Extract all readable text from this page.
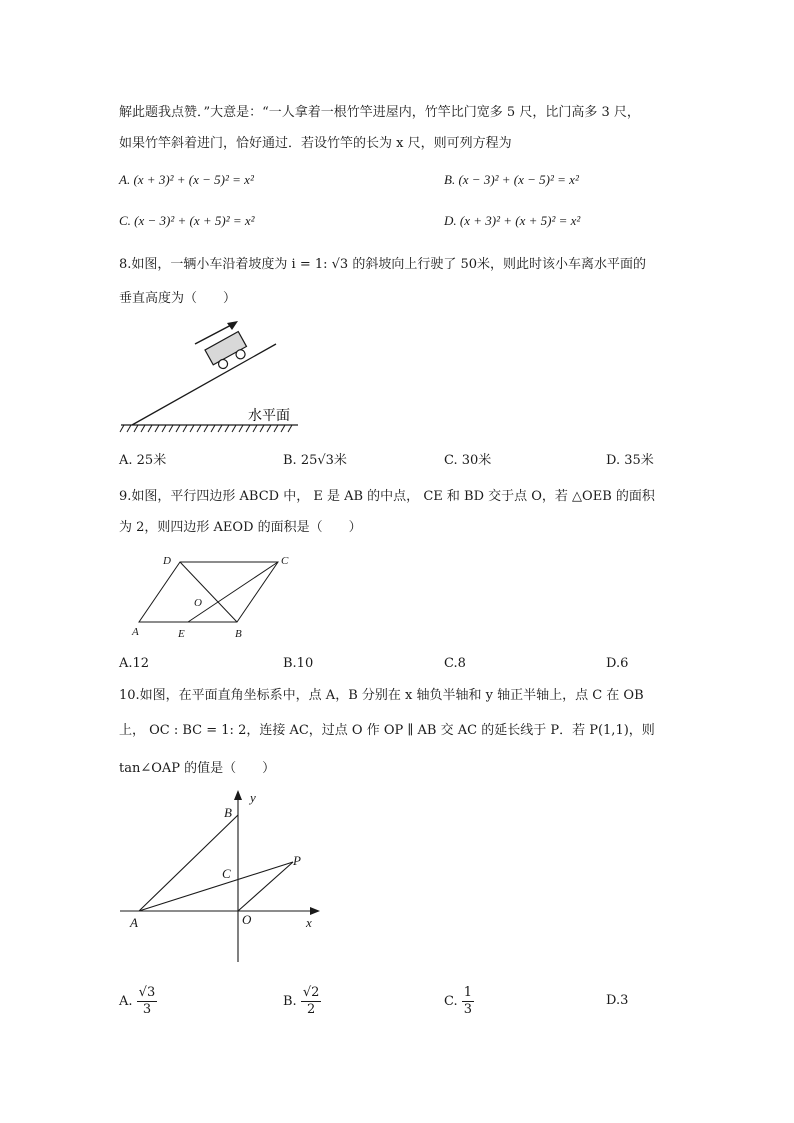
解此题我点赞．”大意是：“一人拿着一根竹竿进屋内，竹竿比门宽多 5 尺，比门高多 3 尺，
如果竹竿斜着进门，恰好通过．若设竹竿的长为 x 尺，则可列方程为
A. (x + 3)² + (x − 5)² = x²	B. (x − 3)² + (x − 5)² = x²
C. (x − 3)² + (x + 5)² = x²	D. (x + 3)² + (x + 5)² = x²
8.如图，一辆小车沿着坡度为 i = 1: √3 的斜坡向上行驶了 50米，则此时该小车离水平面的
垂直高度为（　　）
水平面
A. 25米	B. 25√3米	C. 30米	D. 35米
9.如图，平行四边形 ABCD 中， E 是 AB 的中点， CE 和 BD 交于点 O，若 △OEB 的面积
为 2，则四边形 AEOD 的面积是（　　）
D	C
O
A	E	B
A.12	B.10	C.8	D.6
10.如图，在平面直角坐标系中，点 A，B 分别在 x 轴负半轴和 y 轴正半轴上，点 C 在 OB
上， OC : BC = 1: 2，连接 AC，过点 O 作 OP ∥ AB 交 AC 的延长线于 P．若 P(1,1)，则
tan∠OAP 的值是（　　）
y
B
P
C
A	O	x
A. $\frac{√3}{3}$	B. $\frac{√2}{2}$	C. $\frac{1}{3}$	D.3
